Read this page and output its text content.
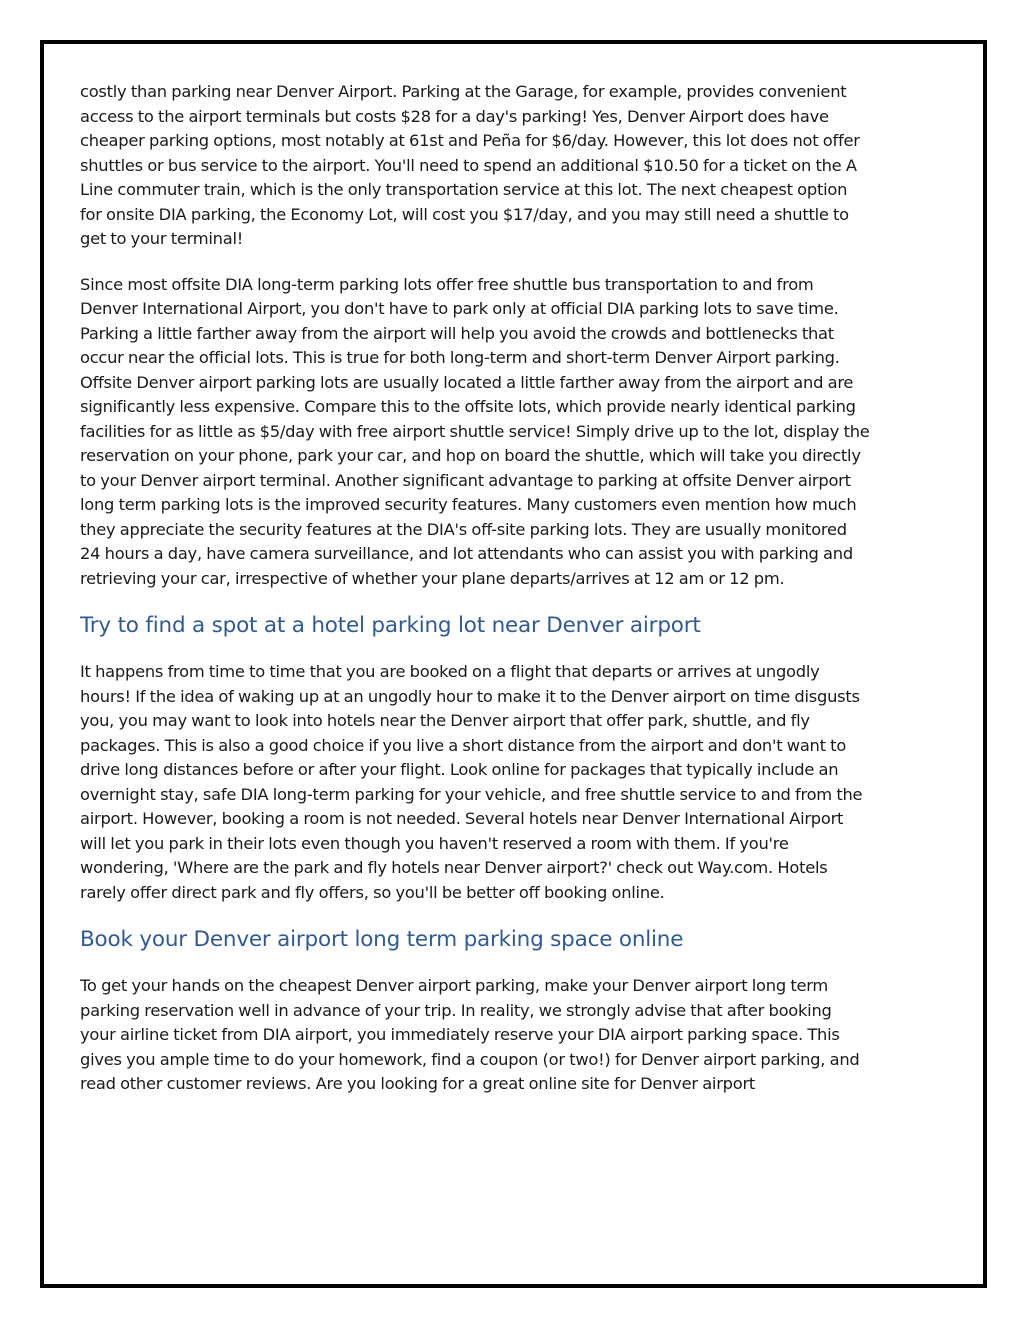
costly than parking near Denver Airport. Parking at the Garage, for example, provides convenient access to the airport terminals but costs $28 for a day's parking! Yes, Denver Airport does have cheaper parking options, most notably at 61st and Peña for $6/day. However, this lot does not offer shuttles or bus service to the airport. You'll need to spend an additional $10.50 for a ticket on the A Line commuter train, which is the only transportation service at this lot. The next cheapest option for onsite DIA parking, the Economy Lot, will cost you $17/day, and you may still need a shuttle to get to your terminal!

Since most offsite DIA long-term parking lots offer free shuttle bus transportation to and from Denver International Airport, you don't have to park only at official DIA parking lots to save time. Parking a little farther away from the airport will help you avoid the crowds and bottlenecks that occur near the official lots. This is true for both long-term and short-term Denver Airport parking. Offsite Denver airport parking lots are usually located a little farther away from the airport and are significantly less expensive. Compare this to the offsite lots, which provide nearly identical parking facilities for as little as $5/day with free airport shuttle service! Simply drive up to the lot, display the reservation on your phone, park your car, and hop on board the shuttle, which will take you directly to your Denver airport terminal. Another significant advantage to parking at offsite Denver airport long term parking lots is the improved security features. Many customers even mention how much they appreciate the security features at the DIA's off-site parking lots. They are usually monitored 24 hours a day, have camera surveillance, and lot attendants who can assist you with parking and retrieving your car, irrespective of whether your plane departs/arrives at 12 am or 12 pm.

Try to find a spot at a hotel parking lot near Denver airport

It happens from time to time that you are booked on a flight that departs or arrives at ungodly hours! If the idea of waking up at an ungodly hour to make it to the Denver airport on time disgusts you, you may want to look into hotels near the Denver airport that offer park, shuttle, and fly packages. This is also a good choice if you live a short distance from the airport and don't want to drive long distances before or after your flight. Look online for packages that typically include an overnight stay, safe DIA long-term parking for your vehicle, and free shuttle service to and from the airport. However, booking a room is not needed. Several hotels near Denver International Airport will let you park in their lots even though you haven't reserved a room with them. If you're wondering, 'Where are the park and fly hotels near Denver airport?' check out Way.com. Hotels rarely offer direct park and fly offers, so you'll be better off booking online.

Book your Denver airport long term parking space online

To get your hands on the cheapest Denver airport parking, make your Denver airport long term parking reservation well in advance of your trip. In reality, we strongly advise that after booking your airline ticket from DIA airport, you immediately reserve your DIA airport parking space. This gives you ample time to do your homework, find a coupon (or two!) for Denver airport parking, and read other customer reviews. Are you looking for a great online site for Denver airport
